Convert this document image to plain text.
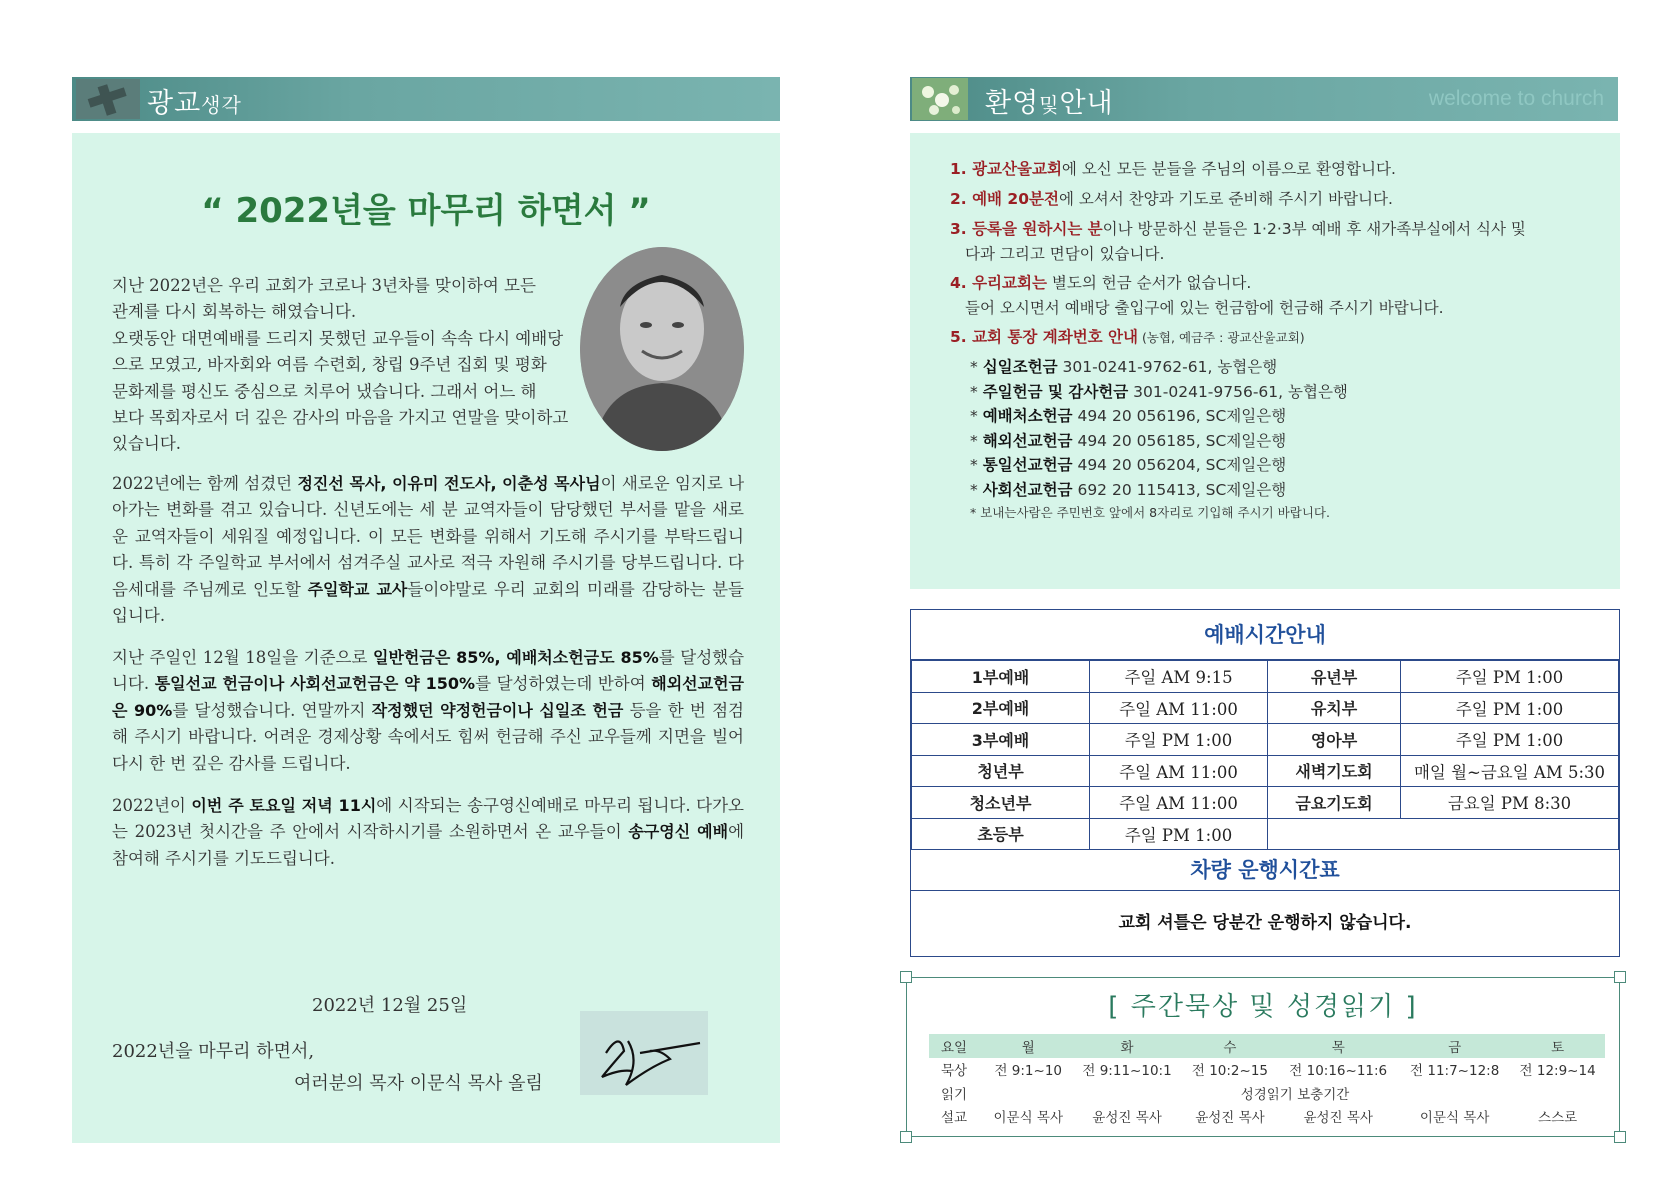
광교생각
“ 2022년을 마무리 하면서 ”
지난 2022년은 우리 교회가 코로나 3년차를 맞이하여 모든
관계를 다시 회복하는 해였습니다.
오랫동안 대면예배를 드리지 못했던 교우들이 속속 다시 예배당
으로 모였고, 바자회와 여름 수련회, 창립 9주년 집회 및 평화
문화제를 평신도 중심으로 치루어 냈습니다. 그래서 어느 해
보다 목회자로서 더 깊은 감사의 마음을 가지고 연말을 맞이하고
있습니다.
2022년에는 함께 섬겼던 정진선 목사, 이유미 전도사, 이춘성 목사님이 새로운 임지로 나아가는 변화를 겪고 있습니다. 신년도에는 세 분 교역자들이 담당했던 부서를 맡을 새로운 교역자들이 세워질 예정입니다. 이 모든 변화를 위해서 기도해 주시기를 부탁드립니다. 특히 각 주일학교 부서에서 섬겨주실 교사로 적극 자원해 주시기를 당부드립니다. 다음세대를 주님께로 인도할 주일학교 교사들이야말로 우리 교회의 미래를 감당하는 분들입니다.
지난 주일인 12월 18일을 기준으로 일반헌금은 85%, 예배처소헌금도 85%를 달성했습니다. 통일선교 헌금이나 사회선교헌금은 약 150%를 달성하였는데 반하여 해외선교헌금은 90%를 달성했습니다. 연말까지 작정했던 약정헌금이나 십일조 헌금 등을 한 번 점검해 주시기 바랍니다. 어려운 경제상황 속에서도 힘써 헌금해 주신 교우들께 지면을 빌어 다시 한 번 깊은 감사를 드립니다.
2022년이 이번 주 토요일 저녁 11시에 시작되는 송구영신예배로 마무리 됩니다. 다가오는 2023년 첫시간을 주 안에서 시작하시기를 소원하면서 온 교우들이 송구영신 예배에 참여해 주시기를 기도드립니다.
2022년 12월 25일
2022년을 마무리 하면서,
여러분의 목자 이문식 목사 올림
환영및안내	welcome to church
1. 광교산울교회에 오신 모든 분들을 주님의 이름으로 환영합니다.
2. 예배 20분전에 오셔서 찬양과 기도로 준비해 주시기 바랍니다.
3. 등록을 원하시는 분이나 방문하신 분들은 1·2·3부 예배 후 새가족부실에서 식사 및
다과 그리고 면담이 있습니다.
4. 우리교회는 별도의 헌금 순서가 없습니다.
들어 오시면서 예배당 출입구에 있는 헌금함에 헌금해 주시기 바랍니다.
5. 교회 통장 계좌번호 안내 (농협, 예금주 : 광교산울교회)
* 십일조헌금 301-0241-9762-61, 농협은행
* 주일헌금 및 감사헌금 301-0241-9756-61, 농협은행
* 예배처소헌금 494 20 056196, SC제일은행
* 해외선교헌금 494 20 056185, SC제일은행
* 통일선교헌금 494 20 056204, SC제일은행
* 사회선교헌금 692 20 115413, SC제일은행
* 보내는사람은 주민번호 앞에서 8자리로 기입해 주시기 바랍니다.
예배시간안내
1부예배	주일 AM 9:15	유년부	주일 PM 1:00
2부예배	주일 AM 11:00	유치부	주일 PM 1:00
3부예배	주일 PM 1:00	영아부	주일 PM 1:00
청년부	주일 AM 11:00	새벽기도회	매일 월~금요일 AM 5:30
청소년부	주일 AM 11:00	금요기도회	금요일 PM 8:30
초등부	주일 PM 1:00		
차량 운행시간표
교회 셔틀은 당분간 운행하지 않습니다.
[ 주간묵상 및 성경읽기 ]
요일	월	화	수	목	금	토
묵상	전 9:1~10	전 9:11~10:1	전 10:2~15	전 10:16~11:6	전 11:7~12:8	전 12:9~14
읽기	성경읽기 보충기간					
설교	이문식 목사	윤성진 목사	윤성진 목사	윤성진 목사	이문식 목사	스스로
